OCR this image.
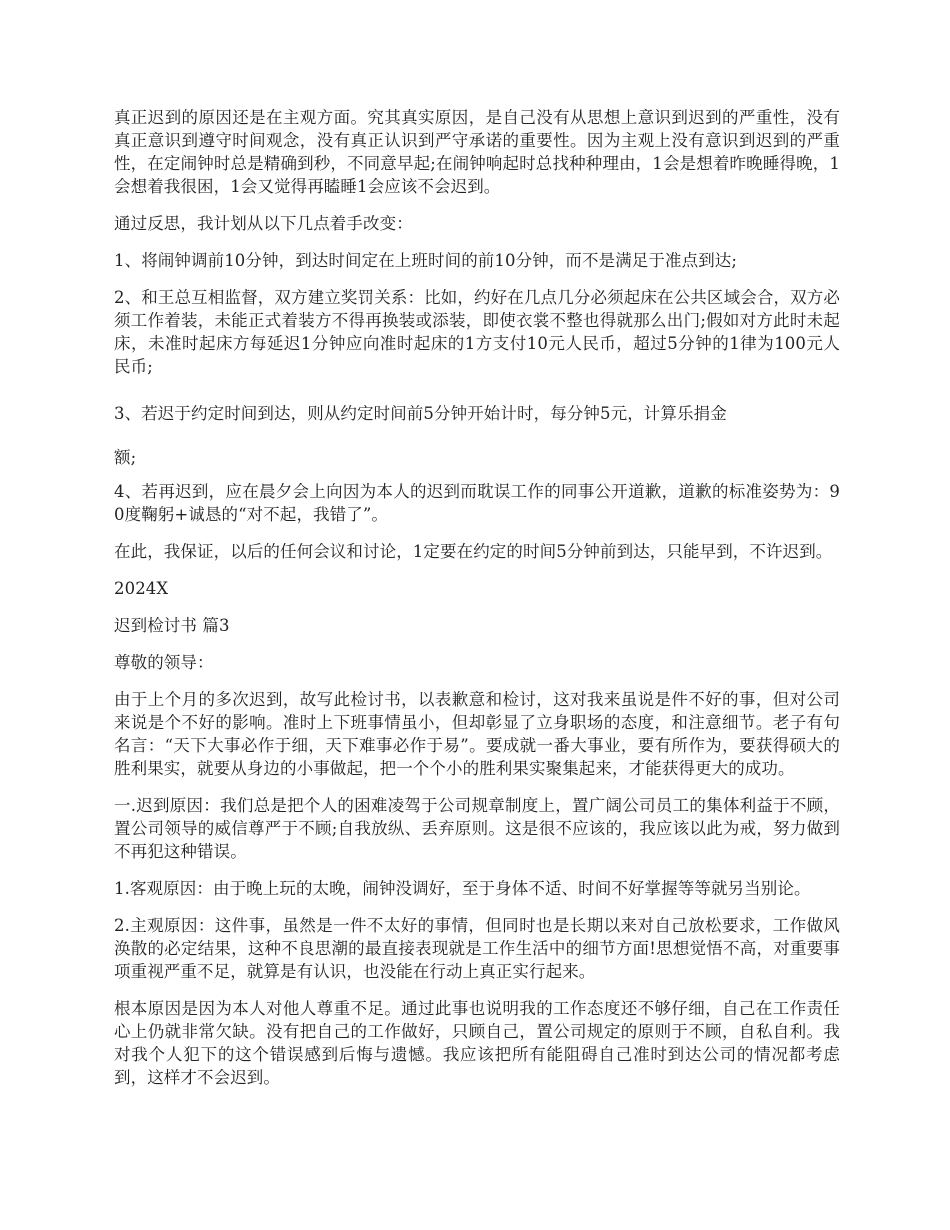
真正迟到的原因还是在主观方面。究其真实原因，是自己没有从思想上意识到迟到的严重性，没有真正意识到遵守时间观念，没有真正认识到严守承诺的重要性。因为主观上没有意识到迟到的严重性，在定闹钟时总是精确到秒，不同意早起;在闹钟响起时总找种种理由，1会是想着昨晚睡得晚，1会想着我很困，1会又觉得再瞌睡1会应该不会迟到。

通过反思，我计划从以下几点着手改变：

1、将闹钟调前10分钟，到达时间定在上班时间的前10分钟，而不是满足于准点到达;

2、和王总互相监督，双方建立奖罚关系：比如，约好在几点几分必须起床在公共区域会合，双方必须工作着装，未能正式着装方不得再换装或添装，即使衣裳不整也得就那么出门;假如对方此时未起床，未准时起床方每延迟1分钟应向准时起床的1方支付10元人民币，超过5分钟的1律为100元人民币;

3、若迟于约定时间到达，则从约定时间前5分钟开始计时，每分钟5元，计算乐捐金

额;

4、若再迟到，应在晨夕会上向因为本人的迟到而耽误工作的同事公开道歉，道歉的标准姿势为：90度鞠躬+诚恳的“对不起，我错了”。

在此，我保证，以后的任何会议和讨论，1定要在约定的时间5分钟前到达，只能早到，不许迟到。

2024X

迟到检讨书 篇3

尊敬的领导：

由于上个月的多次迟到，故写此检讨书，以表歉意和检讨，这对我来虽说是件不好的事，但对公司来说是个不好的影响。准时上下班事情虽小，但却彰显了立身职场的态度，和注意细节。老子有句名言：“天下大事必作于细，天下难事必作于易”。要成就一番大事业，要有所作为，要获得硕大的胜利果实，就要从身边的小事做起，把一个个小的胜利果实聚集起来，才能获得更大的成功。

一.迟到原因：我们总是把个人的困难凌驾于公司规章制度上，置广阔公司员工的集体利益于不顾，置公司领导的威信尊严于不顾;自我放纵、丢弃原则。这是很不应该的，我应该以此为戒，努力做到不再犯这种错误。

1.客观原因：由于晚上玩的太晚，闹钟没调好，至于身体不适、时间不好掌握等等就另当别论。

2.主观原因：这件事，虽然是一件不太好的事情，但同时也是长期以来对自己放松要求，工作做风涣散的必定结果，这种不良思潮的最直接表现就是工作生活中的细节方面!思想觉悟不高，对重要事项重视严重不足，就算是有认识，也没能在行动上真正实行起来。

根本原因是因为本人对他人尊重不足。通过此事也说明我的工作态度还不够仔细，自己在工作责任心上仍就非常欠缺。没有把自己的工作做好，只顾自己，置公司规定的原则于不顾，自私自利。我对我个人犯下的这个错误感到后悔与遗憾。我应该把所有能阻碍自己准时到达公司的情况都考虑到，这样才不会迟到。
